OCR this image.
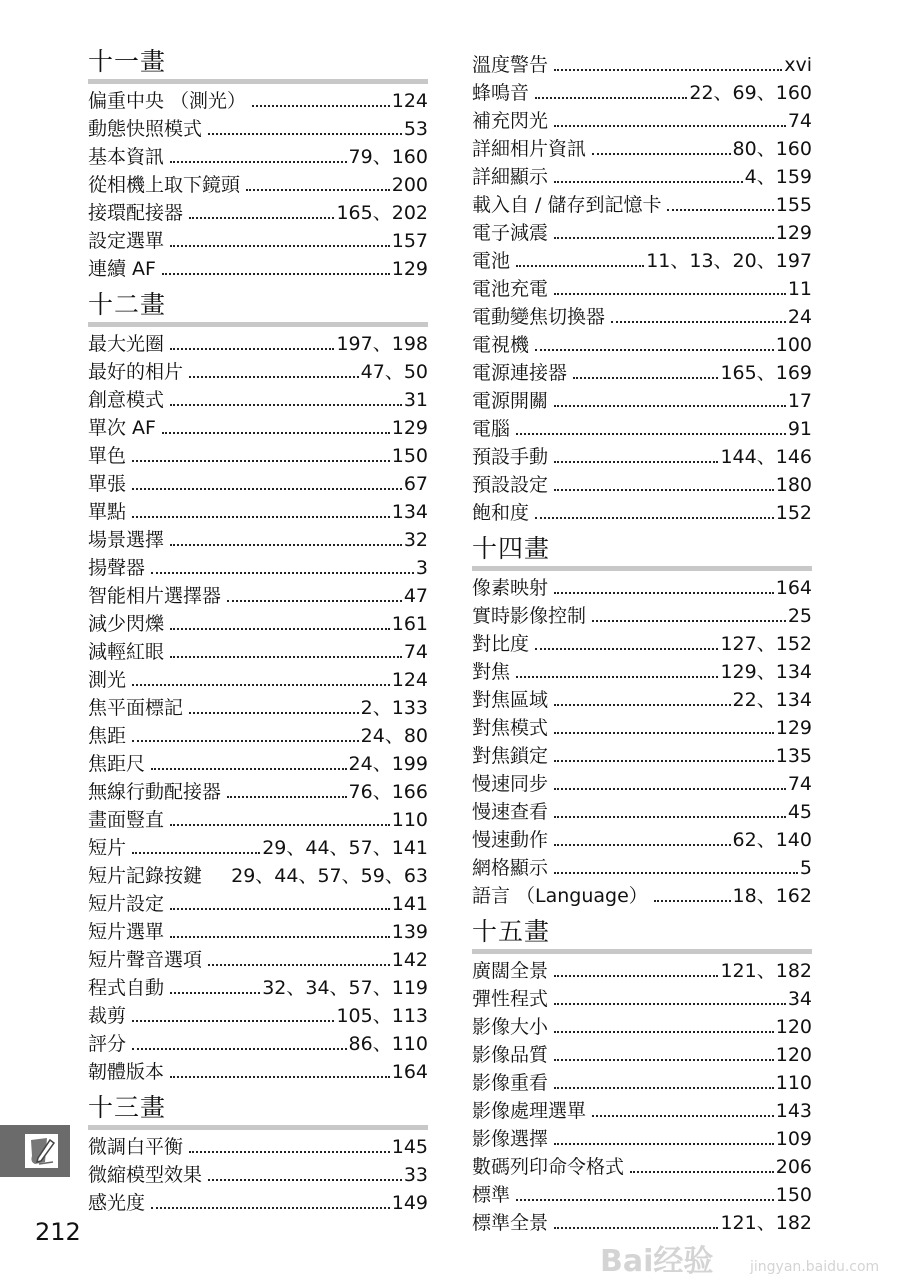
十一畫
偏重中央 （測光）	124
動態快照模式	53
基本資訊	79、160
從相機上取下鏡頭	200
接環配接器	165、202
設定選單	157
連續 AF	129
十二畫
最大光圈	197、198
最好的相片	47、50
創意模式	31
單次 AF	129
單色	150
單張	67
單點	134
場景選擇	32
揚聲器	3
智能相片選擇器	47
減少閃爍	161
減輕紅眼	74
測光	124
焦平面標記	2、133
焦距	24、80
焦距尺	24、199
無線行動配接器	76、166
畫面豎直	110
短片	29、44、57、141
短片記錄按鍵	29、44、57、59、63
短片設定	141
短片選單	139
短片聲音選項	142
程式自動	32、34、57、119
裁剪	105、113
評分	86、110
韌體版本	164
十三畫
微調白平衡	145
微縮模型效果	33
感光度	149
溫度警告	xvi
蜂鳴音	22、69、160
補充閃光	74
詳細相片資訊	80、160
詳細顯示	4、159
載入自 / 儲存到記憶卡	155
電子減震	129
電池	11、13、20、197
電池充電	11
電動變焦切換器	24
電視機	100
電源連接器	165、169
電源開關	17
電腦	91
預設手動	144、146
預設設定	180
飽和度	152
十四畫
像素映射	164
實時影像控制	25
對比度	127、152
對焦	129、134
對焦區域	22、134
對焦模式	129
對焦鎖定	135
慢速同步	74
慢速查看	45
慢速動作	62、140
網格顯示	5
語言 （Language）	18、162
十五畫
廣闊全景	121、182
彈性程式	34
影像大小	120
影像品質	120
影像重看	110
影像處理選單	143
影像選擇	109
數碼列印命令格式	206
標準	150
標準全景	121、182
212
Bai经验	jingyan.baidu.com
